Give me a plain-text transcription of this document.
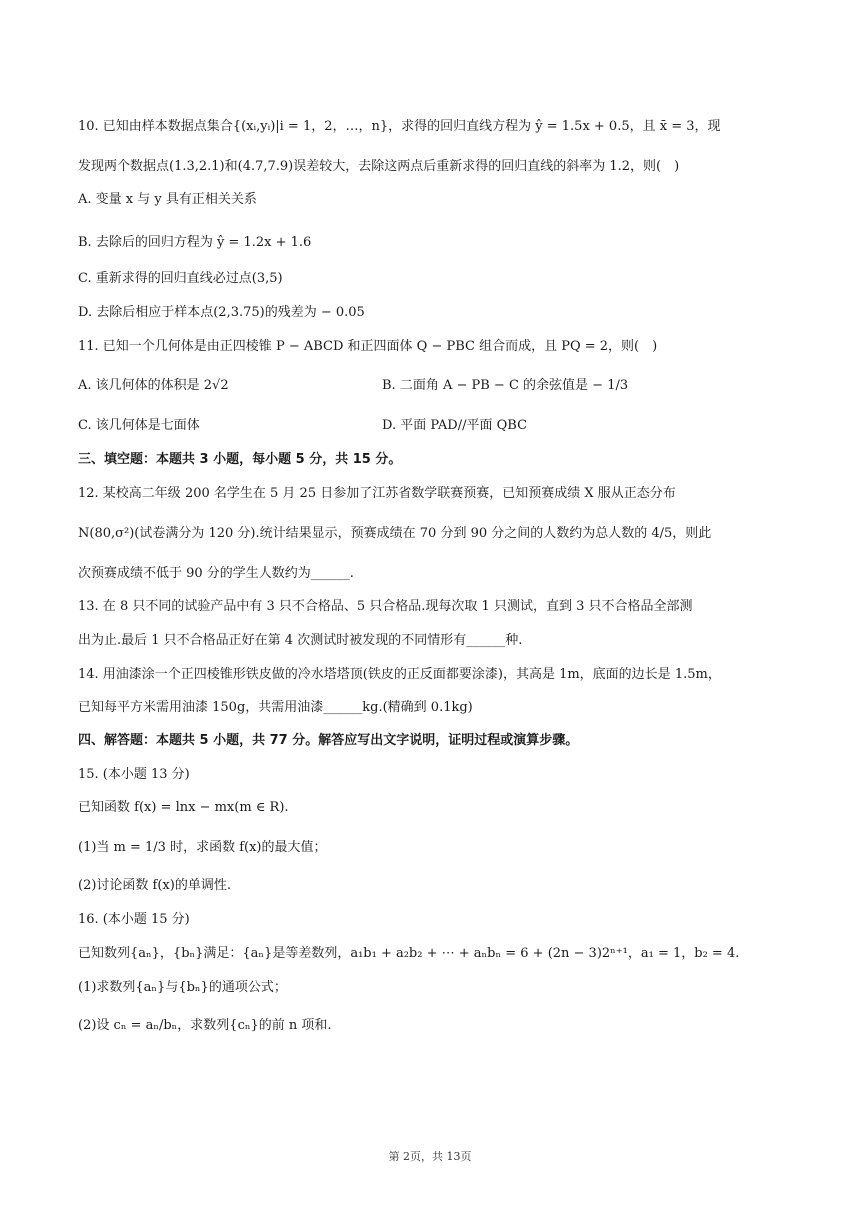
10. 已知由样本数据点集合{(xᵢ,yᵢ)|i = 1，2，…，n}，求得的回归直线方程为 ŷ = 1.5x + 0.5，且 x̄ = 3，现
发现两个数据点(1.3,2.1)和(4.7,7.9)误差较大，去除这两点后重新求得的回归直线的斜率为 1.2，则(　)
A. 变量 x 与 y 具有正相关关系
B. 去除后的回归方程为 ŷ = 1.2x + 1.6
C. 重新求得的回归直线必过点(3,5)
D. 去除后相应于样本点(2,3.75)的残差为 − 0.05
11. 已知一个几何体是由正四棱锥 P − ABCD 和正四面体 Q − PBC 组合而成，且 PQ = 2，则(　)
A. 该几何体的体积是 2√2	B. 二面角 A − PB − C 的余弦值是 − 1/3
C. 该几何体是七面体	D. 平面 PAD//平面 QBC
三、填空题：本题共 3 小题，每小题 5 分，共 15 分。
12. 某校高二年级 200 名学生在 5 月 25 日参加了江苏省数学联赛预赛，已知预赛成绩 X 服从正态分布
N(80,σ²)(试卷满分为 120 分).统计结果显示，预赛成绩在 70 分到 90 分之间的人数约为总人数的 4/5，则此
次预赛成绩不低于 90 分的学生人数约为______.
13. 在 8 只不同的试验产品中有 3 只不合格品、5 只合格品.现每次取 1 只测试，直到 3 只不合格品全部测
出为止.最后 1 只不合格品正好在第 4 次测试时被发现的不同情形有______种.
14. 用油漆涂一个正四棱锥形铁皮做的冷水塔塔顶(铁皮的正反面都要涂漆)，其高是 1m，底面的边长是 1.5m，
已知每平方米需用油漆 150g，共需用油漆______kg.(精确到 0.1kg)
四、解答题：本题共 5 小题，共 77 分。解答应写出文字说明，证明过程或演算步骤。
15. (本小题 13 分)
已知函数 f(x) = lnx − mx(m ∈ R).
(1)当 m = 1/3 时，求函数 f(x)的最大值；
(2)讨论函数 f(x)的单调性.
16. (本小题 15 分)
已知数列{aₙ}，{bₙ}满足：{aₙ}是等差数列，a₁b₁ + a₂b₂ + ⋯ + aₙbₙ = 6 + (2n − 3)2ⁿ⁺¹，a₁ = 1，b₂ = 4.
(1)求数列{aₙ}与{bₙ}的通项公式；
(2)设 cₙ = aₙ/bₙ，求数列{cₙ}的前 n 项和.
第 2页，共 13页
